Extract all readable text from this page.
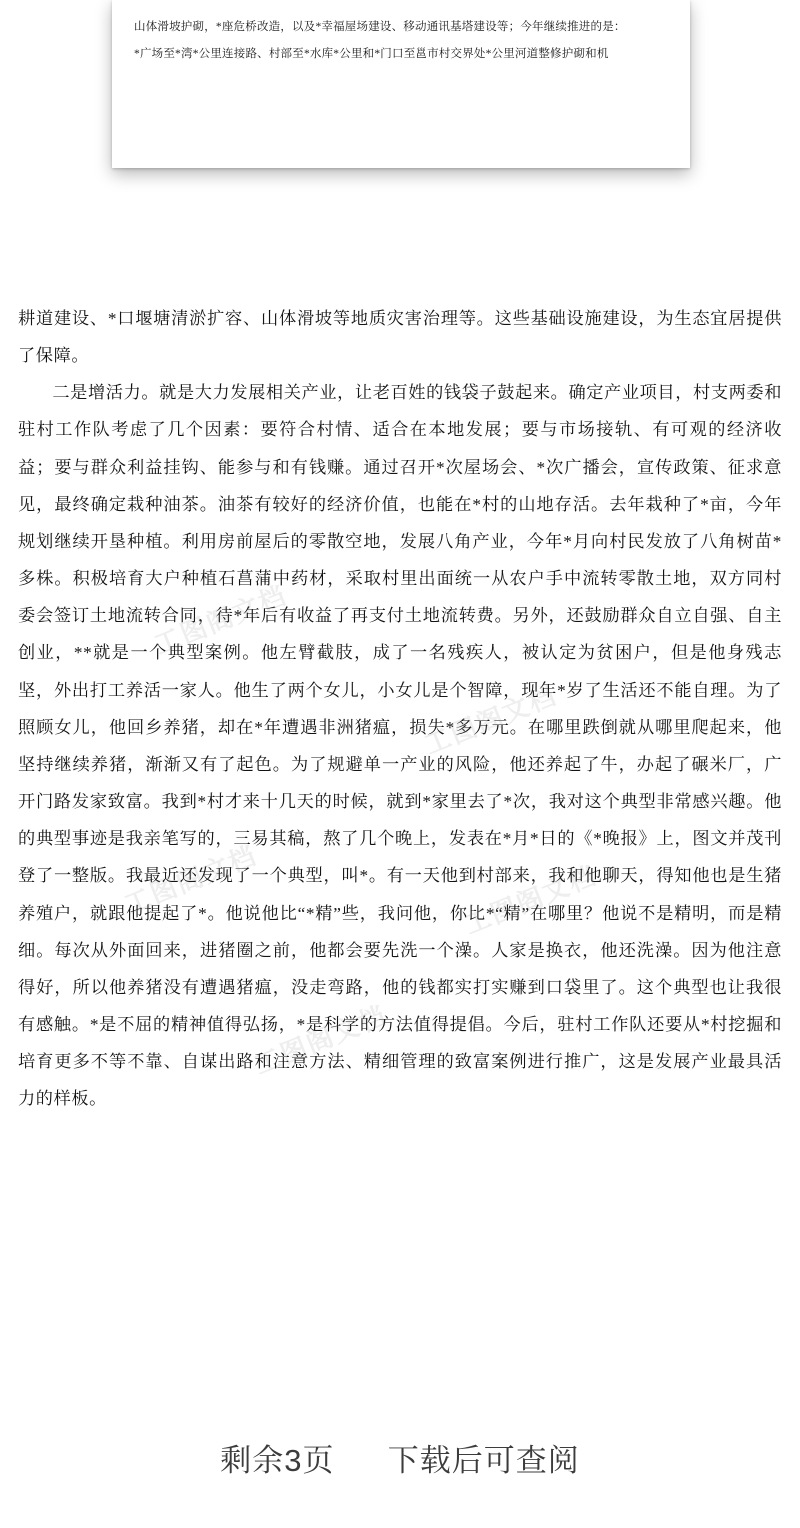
山体滑坡护砌，*座危桥改造，以及*幸福屋场建设、移动通讯基塔建设等；今年继续推进的是：
*广场至*湾*公里连接路、村部至*水库*公里和*门口至邕市村交界处*公里河道整修护砌和机

耕道建设、*口堰塘清淤扩容、山体滑坡等地质灾害治理等。这些基础设施建设，为生态宜居提供了保障。

二是增活力。就是大力发展相关产业，让老百姓的钱袋子鼓起来。确定产业项目，村支两委和驻村工作队考虑了几个因素：要符合村情、适合在本地发展；要与市场接轨、有可观的经济收益；要与群众利益挂钩、能参与和有钱赚。通过召开*次屋场会、*次广播会，宣传政策、征求意见，最终确定栽种油茶。油茶有较好的经济价值，也能在*村的山地存活。去年栽种了*亩，今年规划继续开垦种植。利用房前屋后的零散空地，发展八角产业，今年*月向村民发放了八角树苗*多株。积极培育大户种植石菖蒲中药材，采取村里出面统一从农户手中流转零散土地，双方同村委会签订土地流转合同，待*年后有收益了再支付土地流转费。另外，还鼓励群众自立自强、自主创业，**就是一个典型案例。他左臂截肢，成了一名残疾人，被认定为贫困户，但是他身残志坚，外出打工养活一家人。他生了两个女儿，小女儿是个智障，现年*岁了生活还不能自理。为了照顾女儿，他回乡养猪，却在*年遭遇非洲猪瘟，损失*多万元。在哪里跌倒就从哪里爬起来，他坚持继续养猪，渐渐又有了起色。为了规避单一产业的风险，他还养起了牛，办起了碾米厂，广开门路发家致富。我到*村才来十几天的时候，就到*家里去了*次，我对这个典型非常感兴趣。他的典型事迹是我亲笔写的，三易其稿，熬了几个晚上，发表在*月*日的《*晚报》上，图文并茂刊登了一整版。我最近还发现了一个典型，叫*。有一天他到村部来，我和他聊天，得知他也是生猪养殖户，就跟他提起了*。他说他比“*精”些，我问他，你比*“精”在哪里？他说不是精明，而是精细。每次从外面回来，进猪圈之前，他都会要先洗一个澡。人家是换衣，他还洗澡。因为他注意得好，所以他养猪没有遭遇猪瘟，没走弯路，他的钱都实打实赚到口袋里了。这个典型也让我很有感触。*是不屈的精神值得弘扬，*是科学的方法值得提倡。今后，驻村工作队还要从*村挖掘和培育更多不等不靠、自谋出路和注意方法、精细管理的致富案例进行推广，这是发展产业最具活力的样板。

工图阁文档
工图阁文档
工图阁文档	工图阁文档
工图阁文档
剩余3页 下载后可查阅
